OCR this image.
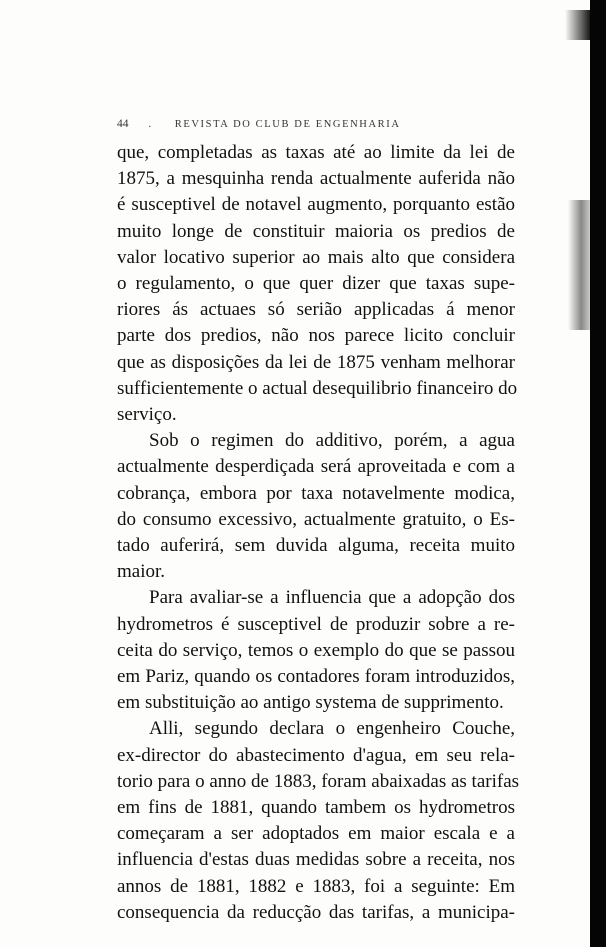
44 . REVISTA DO CLUB DE ENGENHARIA
que, completadas as taxas até ao limite da lei de
1875, a mesquinha renda actualmente auferida não
é susceptivel de notavel augmento, porquanto estão
muito longe de constituir maioria os predios de
valor locativo superior ao mais alto que considera
o regulamento, o que quer dizer que taxas supe-
riores ás actuaes só serião applicadas á menor
parte dos predios, não nos parece licito concluir
que as disposições da lei de 1875 venham melhorar
sufficientemente o actual desequilibrio financeiro do
serviço.
Sob o regimen do additivo, porém, a agua
actualmente desperdiçada será aproveitada e com a
cobrança, embora por taxa notavelmente modica,
do consumo excessivo, actualmente gratuito, o Es-
tado auferirá, sem duvida alguma, receita muito
maior.
Para avaliar-se a influencia que a adopção dos
hydrometros é susceptivel de produzir sobre a re-
ceita do serviço, temos o exemplo do que se passou
em Pariz, quando os contadores foram introduzidos,
em substituição ao antigo systema de supprimento.
Alli, segundo declara o engenheiro Couche,
ex-director do abastecimento d'agua, em seu rela-
torio para o anno de 1883, foram abaixadas as tarifas
em fins de 1881, quando tambem os hydrometros
começaram a ser adoptados em maior escala e a
influencia d'estas duas medidas sobre a receita, nos
annos de 1881, 1882 e 1883, foi a seguinte: Em
consequencia da reducção das tarifas, a municipa-
